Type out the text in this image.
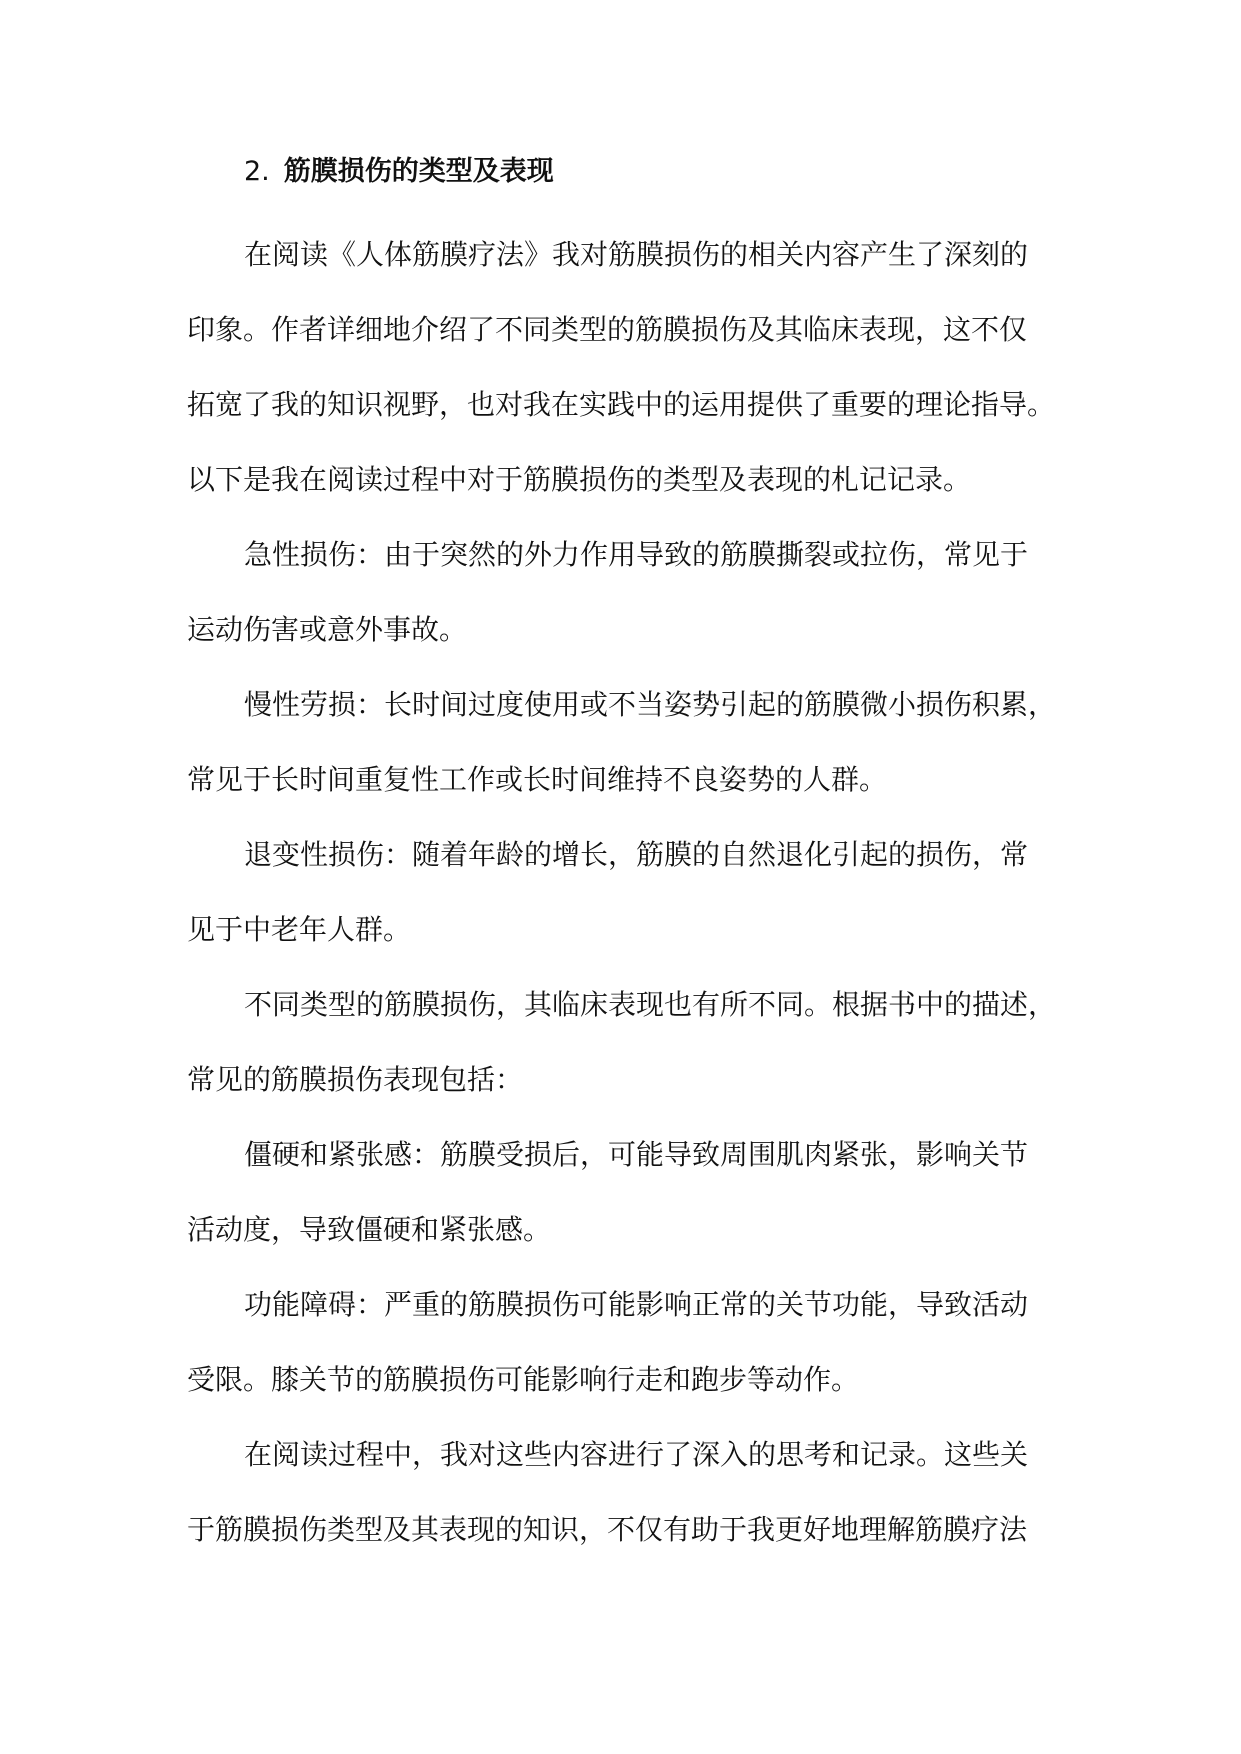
2. 筋膜损伤的类型及表现

在阅读《人体筋膜疗法》我对筋膜损伤的相关内容产生了深刻的

印象。作者详细地介绍了不同类型的筋膜损伤及其临床表现，这不仅

拓宽了我的知识视野，也对我在实践中的运用提供了重要的理论指导。

以下是我在阅读过程中对于筋膜损伤的类型及表现的札记记录。

急性损伤：由于突然的外力作用导致的筋膜撕裂或拉伤，常见于

运动伤害或意外事故。

慢性劳损：长时间过度使用或不当姿势引起的筋膜微小损伤积累，

常见于长时间重复性工作或长时间维持不良姿势的人群。

退变性损伤：随着年龄的增长，筋膜的自然退化引起的损伤，常

见于中老年人群。

不同类型的筋膜损伤，其临床表现也有所不同。根据书中的描述，

常见的筋膜损伤表现包括：

僵硬和紧张感：筋膜受损后，可能导致周围肌肉紧张，影响关节

活动度，导致僵硬和紧张感。

功能障碍：严重的筋膜损伤可能影响正常的关节功能，导致活动

受限。膝关节的筋膜损伤可能影响行走和跑步等动作。

在阅读过程中，我对这些内容进行了深入的思考和记录。这些关

于筋膜损伤类型及其表现的知识，不仅有助于我更好地理解筋膜疗法
